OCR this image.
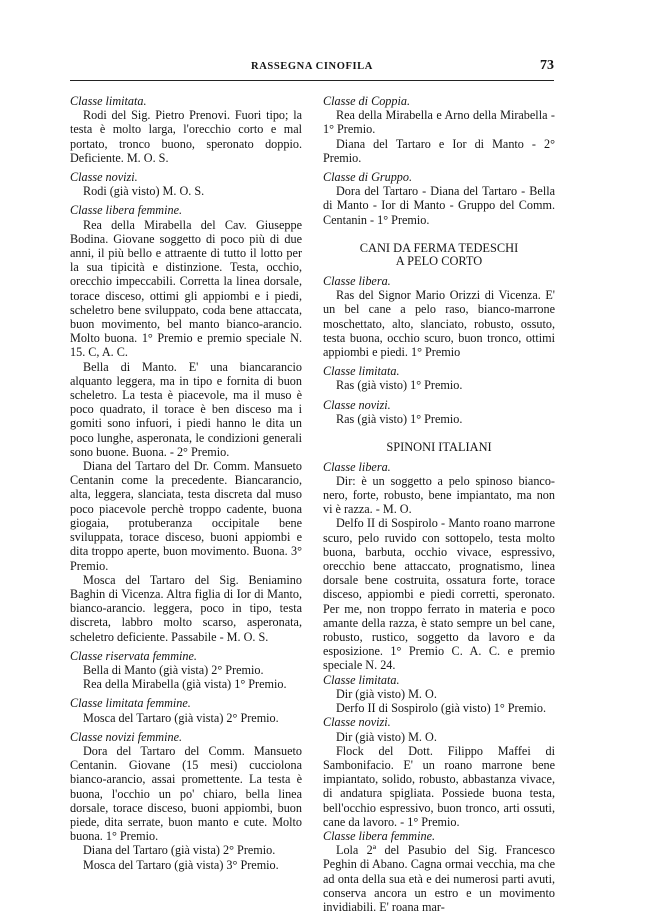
RASSEGNA CINOFILA	73

Classe limitata.

Rodi del Sig. Pietro Prenovi. Fuori tipo; la testa è molto larga, l'orecchio corto e mal portato, tronco buono, speronato doppio. Deficiente. M. O. S.

Classe novizi.

Rodi (già visto) M. O. S.

Classe libera femmine.

Rea della Mirabella del Cav. Giuseppe Bodina. Giovane soggetto di poco più di due anni, il più bello e attraente di tutto il lotto per la sua tipicità e distinzione. Testa, occhio, orecchio impeccabili. Corretta la linea dorsale, torace disceso, ottimi gli appiombi e i piedi, scheletro bene sviluppato, coda bene attaccata, buon movimento, bel manto bianco-arancio. Molto buona. 1° Premio e premio speciale N. 15. C, A. C.

Bella di Manto. E' una biancarancio alquanto leggera, ma in tipo e fornita di buon scheletro. La testa è piacevole, ma il muso è poco quadrato, il torace è ben disceso ma i gomiti sono infuori, i piedi hanno le dita un poco lunghe, asperonata, le condizioni generali sono buone. Buona. - 2° Premio.

Diana del Tartaro del Dr. Comm. Mansueto Centanin come la precedente. Biancarancio, alta, leggera, slanciata, testa discreta dal muso poco piacevole perchè troppo cadente, buona giogaia, protuberanza occipitale bene sviluppata, torace disceso, buoni appiombi e dita troppo aperte, buon movimento. Buona. 3° Premio.

Mosca del Tartaro del Sig. Beniamino Baghin di Vicenza. Altra figlia di Ior di Manto, bianco-arancio. leggera, poco in tipo, testa discreta, labbro molto scarso, asperonata, scheletro deficiente. Passabile - M. O. S.

Classe riservata femmine.

Bella di Manto (già vista) 2° Premio.

Rea della Mirabella (già vista) 1° Premio.

Classe limitata femmine.

Mosca del Tartaro (già vista) 2° Premio.

Classe novizi femmine.

Dora del Tartaro del Comm. Mansueto Centanin. Giovane (15 mesi) cucciolona bianco-arancio, assai promettente. La testa è buona, l'occhio un po' chiaro, bella linea dorsale, torace disceso, buoni appiombi, buon piede, dita serrate, buon manto e cute. Molto buona. 1° Premio.

Diana del Tartaro (già vista) 2° Premio.

Mosca del Tartaro (già vista) 3° Premio.

Classe di Coppia.

Rea della Mirabella e Arno della Mirabella - 1° Premio.

Diana del Tartaro e Ior di Manto - 2° Premio.

Classe di Gruppo.

Dora del Tartaro - Diana del Tartaro - Bella di Manto - Ior di Manto - Gruppo del Comm. Centanin - 1° Premio.

CANI DA FERMA TEDESCHI

A PELO CORTO

Classe libera.

Ras del Signor Mario Orizzi di Vicenza. E' un bel cane a pelo raso, bianco-marrone moschettato, alto, slanciato, robusto, ossuto, testa buona, occhio scuro, buon tronco, ottimi appiombi e piedi. 1° Premio

Classe limitata.

Ras (già visto) 1° Premio.

Classe novizi.

Ras (già visto) 1° Premio.

SPINONI ITALIANI

Classe libera.

Dir: è un soggetto a pelo spinoso bianco-nero, forte, robusto, bene impiantato, ma non vi è razza. - M. O.

Delfo II di Sospirolo - Manto roano marrone scuro, pelo ruvido con sottopelo, testa molto buona, barbuta, occhio vivace, espressivo, orecchio bene attaccato, prognatismo, linea dorsale bene costruita, ossatura forte, torace disceso, appiombi e piedi corretti, speronato. Per me, non troppo ferrato in materia e poco amante della razza, è stato sempre un bel cane, robusto, rustico, soggetto da lavoro e da esposizione. 1° Premio C. A. C. e premio speciale N. 24.

Classe limitata.

Dir (già visto) M. O.

Derfo II di Sospirolo (già visto) 1° Premio.

Classe novizi.

Dir (già visto) M. O.

Flock del Dott. Filippo Maffei di Sambonifacio. E' un roano marrone bene impiantato, solido, robusto, abbastanza vivace, di andatura spigliata. Possiede buona testa, bell'occhio espressivo, buon tronco, arti ossuti, cane da lavoro. - 1° Premio.

Classe libera femmine.

Lola 2ª del Pasubio del Sig. Francesco Peghin di Abano. Cagna ormai vecchia, ma che ad onta della sua età e dei numerosi parti avuti, conserva ancora un estro e un movimento invidiabili. E' roana mar-
